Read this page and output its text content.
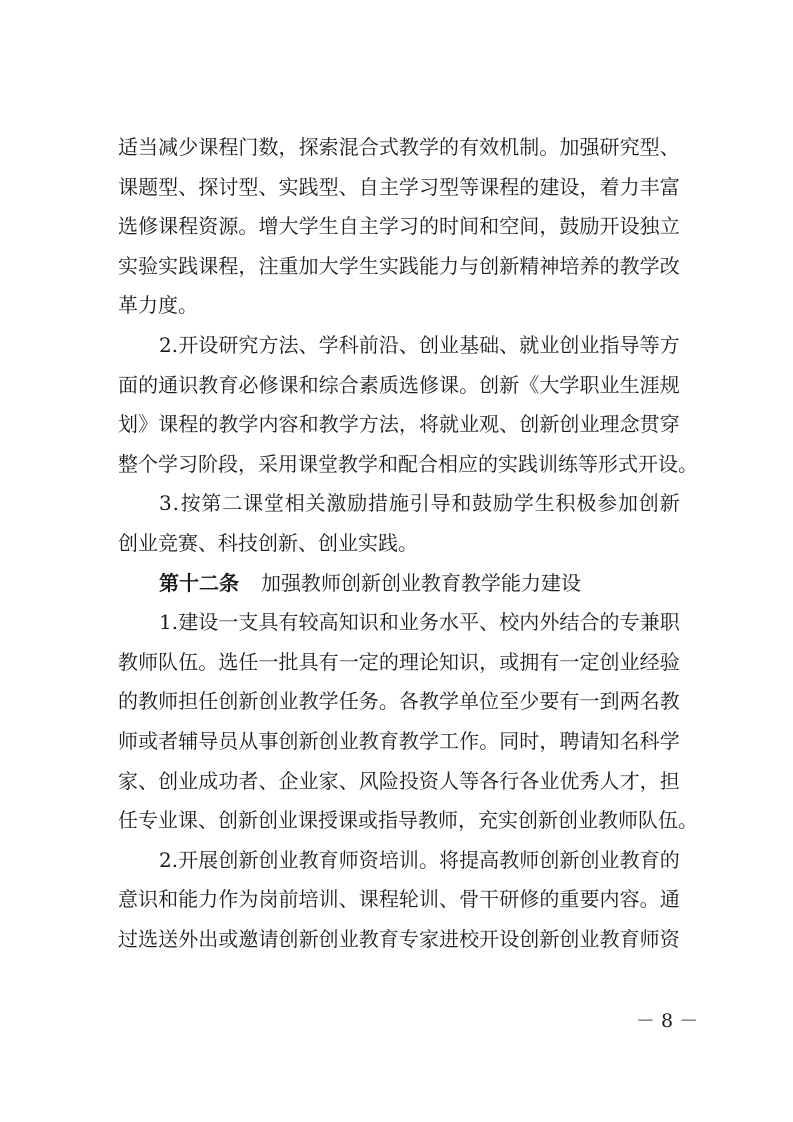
适 当 减 少 课 程 门 数 ， 探 索 混 合 式 教 学 的 有 效 机 制 。 加 强 研 究 型 、
课 题 型 、 探 讨 型 、 实 践 型 、 自 主 学 习 型 等 课 程 的 建 设 ， 着 力 丰 富
选 修 课 程 资 源 。 增 大 学 生 自 主 学 习 的 时 间 和 空 间 ， 鼓 励 开 设 独 立
实 验 实 践 课 程 ， 注 重 加 大 学 生 实 践 能 力 与 创 新 精 神 培 养 的 教 学 改
革力度。
2 . 开 设 研 究 方 法 、 学 科 前 沿 、 创 业 基 础 、 就 业 创 业 指 导 等 方
面 的 通 识 教 育 必 修 课 和 综 合 素 质 选 修 课 。 创 新 《 大 学 职 业 生 涯 规
划 》 课 程 的 教 学 内 容 和 教 学 方 法 ， 将 就 业 观 、 创 新 创 业 理 念 贯 穿
整 个 学 习 阶 段 ， 采 用 课 堂 教 学 和 配 合 相 应 的 实 践 训 练 等 形 式 开 设 。
3 . 按 第 二 课 堂 相 关 激 励 措 施 引 导 和 鼓 励 学 生 积 极 参 加 创 新
创业竞赛、科技创新、创业实践。
第十二条 加强教师创新创业教育教学能力建设
1 . 建 设 一 支 具 有 较 高 知 识 和 业 务 水 平 、 校 内 外 结 合 的 专 兼 职
教 师 队 伍 。 选 任 一 批 具 有 一 定 的 理 论 知 识 ， 或 拥 有 一 定 创 业 经 验
的 教 师 担 任 创 新 创 业 教 学 任 务 。 各 教 学 单 位 至 少 要 有 一 到 两 名 教
师 或 者 辅 导 员 从 事 创 新 创 业 教 育 教 学 工 作 。 同 时 ， 聘 请 知 名 科 学
家 、 创 业 成 功 者 、 企 业 家 、 风 险 投 资 人 等 各 行 各 业 优 秀 人 才 ， 担
任 专 业 课 、 创 新 创 业 课 授 课 或 指 导 教 师 ， 充 实 创 新 创 业 教 师 队 伍 。
2 . 开 展 创 新 创 业 教 育 师 资 培 训 。 将 提 高 教 师 创 新 创 业 教 育 的
意 识 和 能 力 作 为 岗 前 培 训 、 课 程 轮 训 、 骨 干 研 修 的 重 要 内 容 。 通
过 选 送 外 出 或 邀 请 创 新 创 业 教 育 专 家 进 校 开 设 创 新 创 业 教 育 师 资
－ 8 －
